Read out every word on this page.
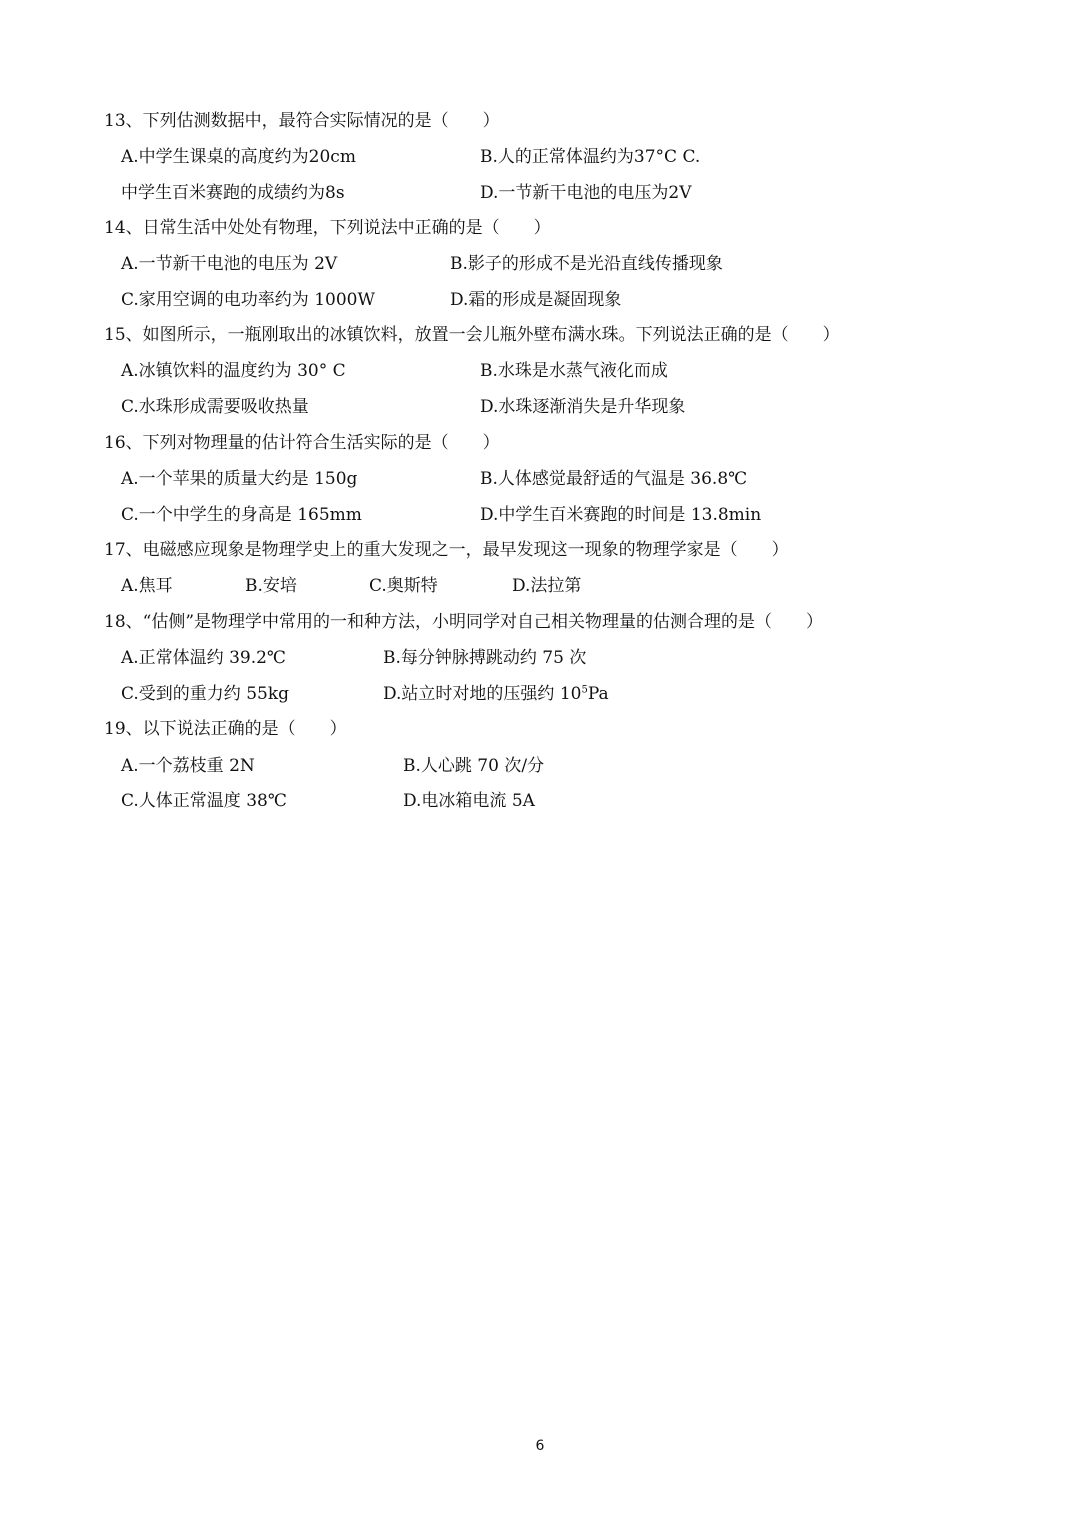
13、下列估测数据中，最符合实际情况的是（　　）
A.中学生课桌的高度约为20cm	B.人的正常体温约为37°C C.
中学生百米赛跑的成绩约为8s	D.一节新干电池的电压为2V
14、日常生活中处处有物理，下列说法中正确的是（　　）
A.一节新干电池的电压为 2V	B.影子的形成不是光沿直线传播现象
C.家用空调的电功率约为 1000W	D.霜的形成是凝固现象
15、如图所示，一瓶刚取出的冰镇饮料，放置一会儿瓶外壁布满水珠。下列说法正确的是（　　）
A.冰镇饮料的温度约为 30° C	B.水珠是水蒸气液化而成
C.水珠形成需要吸收热量	D.水珠逐渐消失是升华现象
16、下列对物理量的估计符合生活实际的是（　　）
A.一个苹果的质量大约是 150g	B.人体感觉最舒适的气温是 36.8℃
C.一个中学生的身高是 165mm	D.中学生百米赛跑的时间是 13.8min
17、电磁感应现象是物理学史上的重大发现之一，最早发现这一现象的物理学家是（　　）
A.焦耳	B.安培	C.奥斯特	D.法拉第
18、“估侧”是物理学中常用的一和种方法，小明同学对自己相关物理量的估测合理的是（　　）
A.正常体温约 39.2℃	B.每分钟脉搏跳动约 75 次
C.受到的重力约 55kg	D.站立时对地的压强约 $10^5Pa$
19、以下说法正确的是（　　）
A.一个荔枝重 2N	B.人心跳 70 次/分
C.人体正常温度 38℃	D.电冰箱电流 5A
6
